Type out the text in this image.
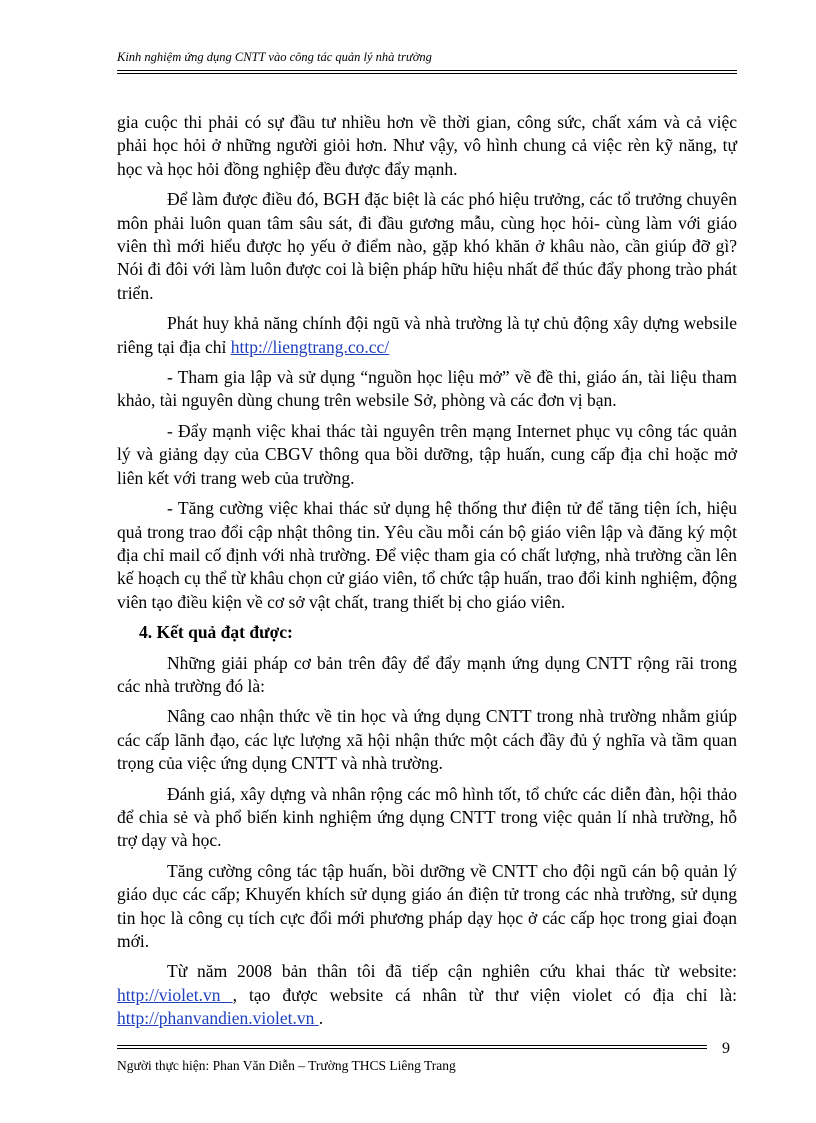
Kinh nghiệm ứng dụng CNTT vào công tác quản lý nhà trường

gia cuộc thi phải có sự đầu tư nhiều hơn về thời gian, công sức, chất xám và cả việc phải học hỏi ở những người giỏi hơn. Như vậy, vô hình chung cả việc rèn kỹ năng, tự học và học hỏi đồng nghiệp đều được đẩy mạnh.

Để làm được điều đó, BGH đặc biệt là các phó hiệu trưởng, các tổ trưởng chuyên môn phải luôn quan tâm sâu sát, đi đầu gương mẫu, cùng học hỏi- cùng làm với giáo viên thì mới hiểu được họ yếu ở điểm nào, gặp khó khăn ở khâu nào, cần giúp đỡ gì? Nói đi đôi với làm luôn được coi là biện pháp hữu hiệu nhất để thúc đẩy phong trào phát triển.

Phát huy khả năng chính đội ngũ và nhà trường là tự chủ động xây dựng websile riêng tại địa chỉ http://liengtrang.co.cc/

- Tham gia lập và sử dụng “nguồn học liệu mở” về đề thi, giáo án, tài liệu tham khảo, tài nguyên dùng chung trên websile Sở, phòng và các đơn vị bạn.

- Đẩy mạnh việc khai thác tài nguyên trên mạng Internet phục vụ công tác quản lý và giảng dạy của CBGV thông qua bồi dưỡng, tập huấn, cung cấp địa chỉ hoặc mở liên kết với trang web của trường.

- Tăng cường việc khai thác sử dụng hệ thống thư điện tử để tăng tiện ích, hiệu quả trong trao đổi cập nhật thông tin. Yêu cầu mỗi cán bộ giáo viên lập và đăng ký một địa chỉ mail cố định với nhà trường. Để việc tham gia có chất lượng, nhà trường cần lên kế hoạch cụ thể từ khâu chọn cử giáo viên, tổ chức tập huấn, trao đổi kinh nghiệm, động viên tạo điều kiện về cơ sở vật chất, trang thiết bị cho giáo viên.

4. Kết quả đạt được:

Những giải pháp cơ bản trên đây để đẩy mạnh ứng dụng CNTT rộng rãi trong các nhà trường đó là:

Nâng cao nhận thức về tin học và ứng dụng CNTT trong nhà trường nhằm giúp các cấp lãnh đạo, các lực lượng xã hội nhận thức một cách đầy đủ ý nghĩa và tầm quan trọng của việc ứng dụng CNTT và nhà trường.

Đánh giá, xây dựng và nhân rộng các mô hình tốt, tổ chức các diễn đàn, hội thảo để chia sẻ và phổ biến kinh nghiệm ứng dụng CNTT trong việc quản lí nhà trường, hỗ trợ dạy và học.

Tăng cường công tác tập huấn, bồi dưỡng về CNTT cho đội ngũ cán bộ quản lý giáo dục các cấp; Khuyến khích sử dụng giáo án điện tử trong các nhà trường, sử dụng tin học là công cụ tích cực đổi mới phương pháp dạy học ở các cấp học trong giai đoạn mới.

Từ năm 2008 bản thân tôi đã tiếp cận nghiên cứu khai thác từ website: http://violet.vn , tạo được website cá nhân từ thư viện violet có địa chỉ là: http://phanvandien.violet.vn .

9
Người thực hiện: Phan Văn Diễn – Trường THCS Liêng Trang
